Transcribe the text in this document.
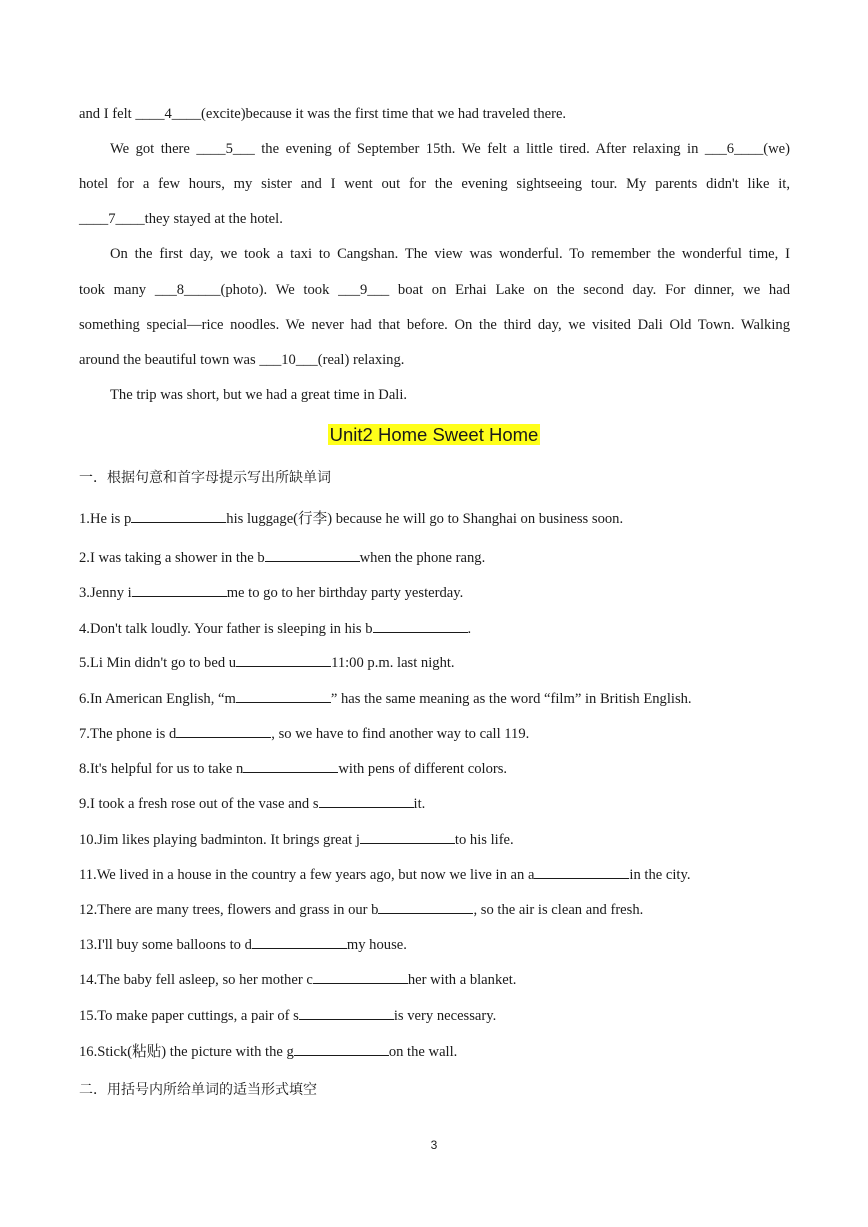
and I felt ____4____(excite)because it was the first time that we had traveled there.
We got there ____5___ the evening of September 15th. We felt a little tired. After relaxing in ___6____(we)
hotel for a few hours, my sister and I went out for the evening sightseeing tour. My parents didn't like it,
____7____they stayed at the hotel.
On the first day, we took a taxi to Cangshan. The view was wonderful. To remember the wonderful time, I
took many ___8_____(photo). We took ___9___ boat on Erhai Lake on the second day. For dinner, we had
something special—rice noodles. We never had that before. On the third day, we visited Dali Old Town. Walking
around the beautiful town was ___10___(real) relaxing.
The trip was short, but we had a great time in Dali.
Unit2 Home Sweet Home
一．根据句意和首字母提示写出所缺单词
1.He is p	his luggage(行李) because he will go to Shanghai on business soon.
2.I was taking a shower in the b	when the phone rang.
3.Jenny i	me to go to her birthday party yesterday.
4.Don't talk loudly. Your father is sleeping in his b	.
5.Li Min didn't go to bed u	11:00 p.m. last night.
6.In American English, “m	” has the same meaning as the word “film” in British English.
7.The phone is d	, so we have to find another way to call 119.
8.It's helpful for us to take n	with pens of different colors.
9.I took a fresh rose out of the vase and s	it.
10.Jim likes playing badminton. It brings great j	to his life.
11.We lived in a house in the country a few years ago, but now we live in an a	in the city.
12.There are many trees, flowers and grass in our b	, so the air is clean and fresh.
13.I'll buy some balloons to d	my house.
14.The baby fell asleep, so her mother c	her with a blanket.
15.To make paper cuttings, a pair of s	is very necessary.
16.Stick(粘贴) the picture with the g	on the wall.
二．用括号内所给单词的适当形式填空
3
